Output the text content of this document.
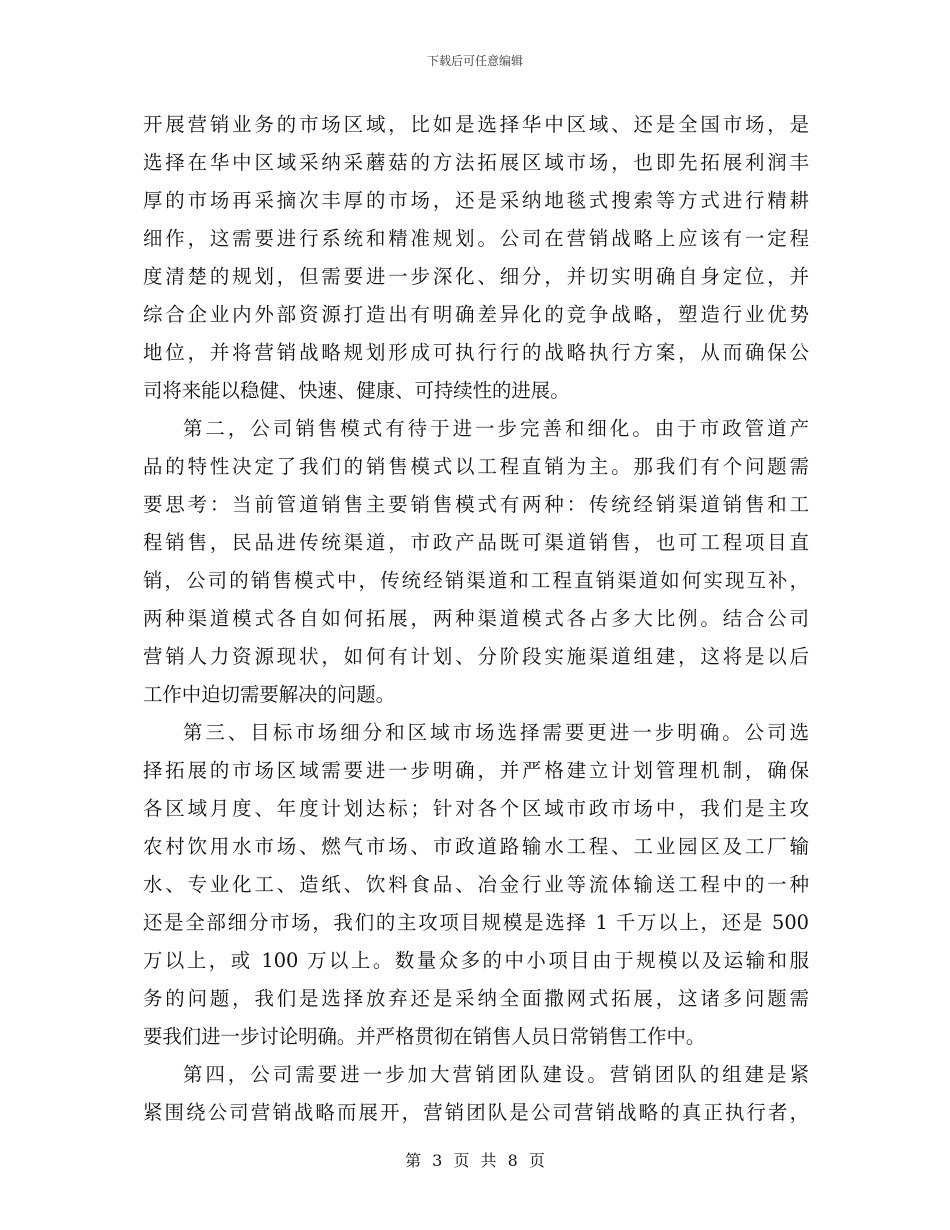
下载后可任意编辑
开展营销业务的市场区域，比如是选择华中区域、还是全国市场，是
选择在华中区域采纳采蘑菇的方法拓展区域市场，也即先拓展利润丰
厚的市场再采摘次丰厚的市场，还是采纳地毯式搜索等方式进行精耕
细作，这需要进行系统和精准规划。公司在营销战略上应该有一定程
度清楚的规划，但需要进一步深化、细分，并切实明确自身定位，并
综合企业内外部资源打造出有明确差异化的竞争战略，塑造行业优势
地位，并将营销战略规划形成可执行行的战略执行方案，从而确保公
司将来能以稳健、快速、健康、可持续性的进展。
第二，公司销售模式有待于进一步完善和细化。由于市政管道产
品的特性决定了我们的销售模式以工程直销为主。那我们有个问题需
要思考：当前管道销售主要销售模式有两种：传统经销渠道销售和工
程销售，民品进传统渠道，市政产品既可渠道销售，也可工程项目直
销，公司的销售模式中，传统经销渠道和工程直销渠道如何实现互补，
两种渠道模式各自如何拓展，两种渠道模式各占多大比例。结合公司
营销人力资源现状，如何有计划、分阶段实施渠道组建，这将是以后
工作中迫切需要解决的问题。
第三、目标市场细分和区域市场选择需要更进一步明确。公司选
择拓展的市场区域需要进一步明确，并严格建立计划管理机制，确保
各区域月度、年度计划达标；针对各个区域市政市场中，我们是主攻
农村饮用水市场、燃气市场、市政道路输水工程、工业园区及工厂输
水、专业化工、造纸、饮料食品、冶金行业等流体输送工程中的一种
还是全部细分市场，我们的主攻项目规模是选择 1 千万以上，还是 500
万以上，或 100 万以上。数量众多的中小项目由于规模以及运输和服
务的问题，我们是选择放弃还是采纳全面撒网式拓展，这诸多问题需
要我们进一步讨论明确。并严格贯彻在销售人员日常销售工作中。
第四，公司需要进一步加大营销团队建设。营销团队的组建是紧
紧围绕公司营销战略而展开，营销团队是公司营销战略的真正执行者，
第 3 页 共 8 页
